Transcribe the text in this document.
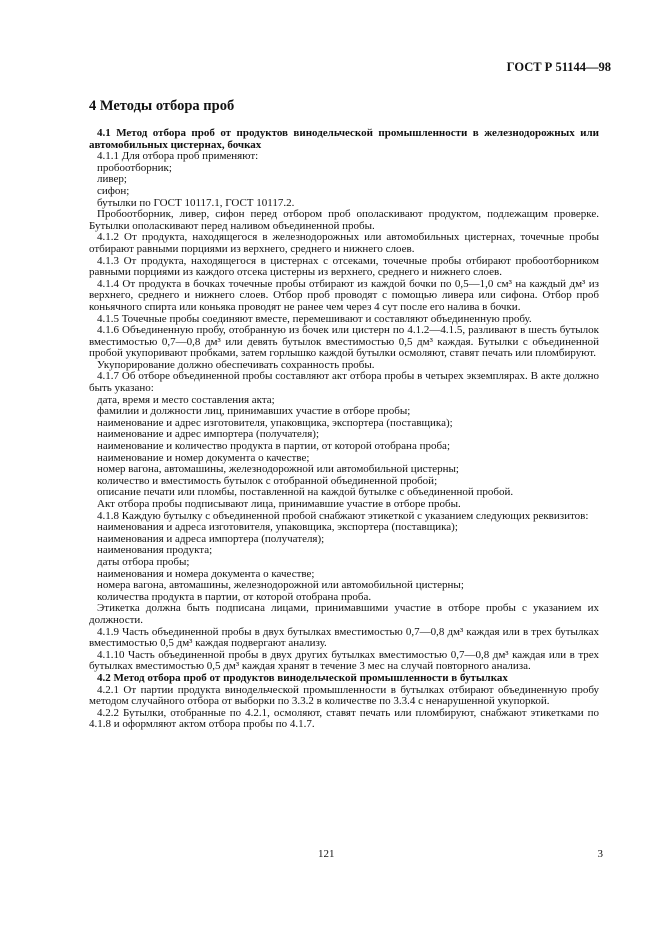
ГОСТ Р 51144—98
4 Методы отбора проб
4.1 Метод отбора проб от продуктов винодельческой промышленности в железнодорожных или автомобильных цистернах, бочках
4.1.1 Для отбора проб применяют:
пробоотборник;
ливер;
сифон;
бутылки по ГОСТ 10117.1, ГОСТ 10117.2.
Пробоотборник, ливер, сифон перед отбором проб ополаскивают продуктом, подлежащим проверке. Бутылки ополаскивают перед наливом объединенной пробы.
4.1.2 От продукта, находящегося в железнодорожных или автомобильных цистернах, точечные пробы отбирают равными порциями из верхнего, среднего и нижнего слоев.
4.1.3 От продукта, находящегося в цистернах с отсеками, точечные пробы отбирают пробоотборником равными порциями из каждого отсека цистерны из верхнего, среднего и нижнего слоев.
4.1.4 От продукта в бочках точечные пробы отбирают из каждой бочки по 0,5—1,0 см³ на каждый дм³ из верхнего, среднего и нижнего слоев. Отбор проб проводят с помощью ливера или сифона. Отбор проб коньячного спирта или коньяка проводят не ранее чем через 4 сут после его налива в бочки.
4.1.5 Точечные пробы соединяют вместе, перемешивают и составляют объединенную пробу.
4.1.6 Объединенную пробу, отобранную из бочек или цистерн по 4.1.2—4.1.5, разливают в шесть бутылок вместимостью 0,7—0,8 дм³ или девять бутылок вместимостью 0,5 дм³ каждая. Бутылки с объединенной пробой укупоривают пробками, затем горлышко каждой бутылки осмоляют, ставят печать или пломбируют.
Укупорирование должно обеспечивать сохранность пробы.
4.1.7 Об отборе объединенной пробы составляют акт отбора пробы в четырех экземплярах. В акте должно быть указано:
дата, время и место составления акта;
фамилии и должности лиц, принимавших участие в отборе пробы;
наименование и адрес изготовителя, упаковщика, экспортера (поставщика);
наименование и адрес импортера (получателя);
наименование и количество продукта в партии, от которой отобрана проба;
наименование и номер документа о качестве;
номер вагона, автомашины, железнодорожной или автомобильной цистерны;
количество и вместимость бутылок с отобранной объединенной пробой;
описание печати или пломбы, поставленной на каждой бутылке с объединенной пробой.
Акт отбора пробы подписывают лица, принимавшие участие в отборе пробы.
4.1.8 Каждую бутылку с объединенной пробой снабжают этикеткой с указанием следующих реквизитов:
наименования и адреса изготовителя, упаковщика, экспортера (поставщика);
наименования и адреса импортера (получателя);
наименования продукта;
даты отбора пробы;
наименования и номера документа о качестве;
номера вагона, автомашины, железнодорожной или автомобильной цистерны;
количества продукта в партии, от которой отобрана проба.
Этикетка должна быть подписана лицами, принимавшими участие в отборе пробы с указанием их должности.
4.1.9 Часть объединенной пробы в двух бутылках вместимостью 0,7—0,8 дм³ каждая или в трех бутылках вместимостью 0,5 дм³ каждая подвергают анализу.
4.1.10 Часть объединенной пробы в двух других бутылках вместимостью 0,7—0,8 дм³ каждая или в трех бутылках вместимостью 0,5 дм³ каждая хранят в течение 3 мес на случай повторного анализа.
4.2 Метод отбора проб от продуктов винодельческой промышленности в бутылках
4.2.1 От партии продукта винодельческой промышленности в бутылках отбирают объединенную пробу методом случайного отбора от выборки по 3.3.2 в количестве по 3.3.4 с ненарушенной укупоркой.
4.2.2 Бутылки, отобранные по 4.2.1, осмоляют, ставят печать или пломбируют, снабжают этикетками по 4.1.8 и оформляют актом отбора пробы по 4.1.7.
121	3
